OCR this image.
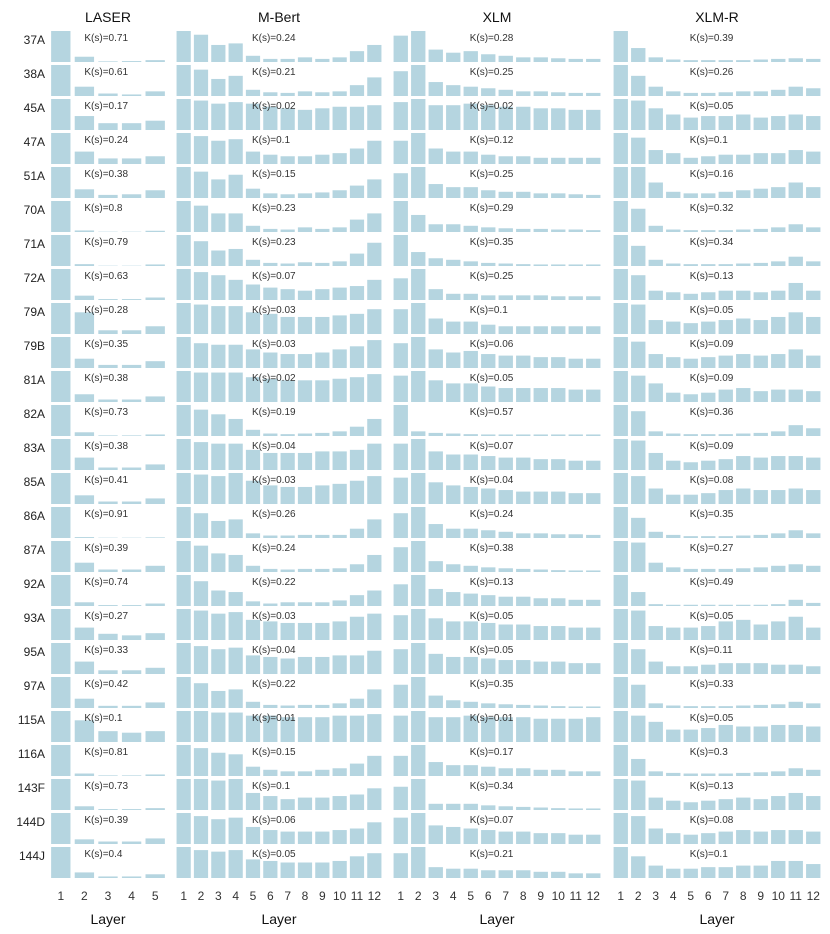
37A
38A
45A
47A
51A
70A
71A
72A
79A
79B
81A
82A
83A
85A
86A
87A
92A
93A
95A
97A
115A
116A
143F
144D
144J
LASER
K(s)=0.71
K(s)=0.61
K(s)=0.17
K(s)=0.24
K(s)=0.38
K(s)=0.8
K(s)=0.79
K(s)=0.63
K(s)=0.28
K(s)=0.35
K(s)=0.38
K(s)=0.73
K(s)=0.38
K(s)=0.41
K(s)=0.91
K(s)=0.39
K(s)=0.74
K(s)=0.27
K(s)=0.33
K(s)=0.42
K(s)=0.1
K(s)=0.81
K(s)=0.73
K(s)=0.39
K(s)=0.4
1 2 3 4 5
Layer
M-Bert
K(s)=0.24
K(s)=0.21
K(s)=0.02
K(s)=0.1
K(s)=0.15
K(s)=0.23
K(s)=0.23
K(s)=0.07
K(s)=0.03
K(s)=0.03
K(s)=0.02
K(s)=0.19
K(s)=0.04
K(s)=0.03
K(s)=0.26
K(s)=0.24
K(s)=0.22
K(s)=0.03
K(s)=0.04
K(s)=0.22
K(s)=0.01
K(s)=0.15
K(s)=0.1
K(s)=0.06
K(s)=0.05
1 2 3 4 5 6 7 8 9 10 11 12
Layer
XLM
K(s)=0.28
K(s)=0.25
K(s)=0.02
K(s)=0.12
K(s)=0.25
K(s)=0.29
K(s)=0.35
K(s)=0.25
K(s)=0.1
K(s)=0.06
K(s)=0.05
K(s)=0.57
K(s)=0.07
K(s)=0.04
K(s)=0.24
K(s)=0.38
K(s)=0.13
K(s)=0.05
K(s)=0.05
K(s)=0.35
K(s)=0.01
K(s)=0.17
K(s)=0.34
K(s)=0.07
K(s)=0.21
1 2 3 4 5 6 7 8 9 10 11 12
Layer
XLM-R
K(s)=0.39
K(s)=0.26
K(s)=0.05
K(s)=0.1
K(s)=0.16
K(s)=0.32
K(s)=0.34
K(s)=0.13
K(s)=0.05
K(s)=0.09
K(s)=0.09
K(s)=0.36
K(s)=0.09
K(s)=0.08
K(s)=0.35
K(s)=0.27
K(s)=0.49
K(s)=0.05
K(s)=0.11
K(s)=0.33
K(s)=0.05
K(s)=0.3
K(s)=0.13
K(s)=0.08
K(s)=0.1
1 2 3 4 5 6 7 8 9 10 11 12
Layer
